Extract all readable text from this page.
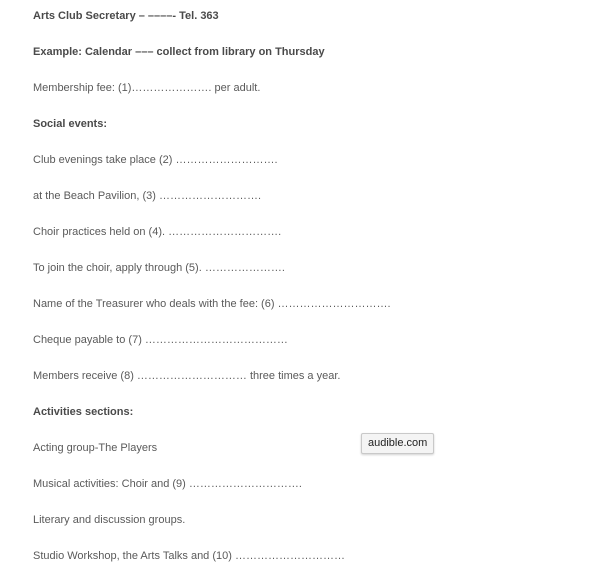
Arts Club Secretary – ––––- Tel. 363
Example: Calendar ––– collect from library on Thursday
Membership fee: (1)…………………. per adult.
Social events:
Club evenings take place (2) ……………………….
at the Beach Pavilion, (3) ……………………….
Choir practices held on (4). ………………………….
To join the choir, apply through (5). ………………….
Name of the Treasurer who deals with the fee: (6) ………………………….
Cheque payable to (7) …………………………………
Members receive (8) ………………………… three times a year.
Activities sections:
Acting group-The Players
Musical activities: Choir and (9) ………………………….
Literary and discussion groups.
Studio Workshop, the Arts Talks and (10) …………………………
audible.com
